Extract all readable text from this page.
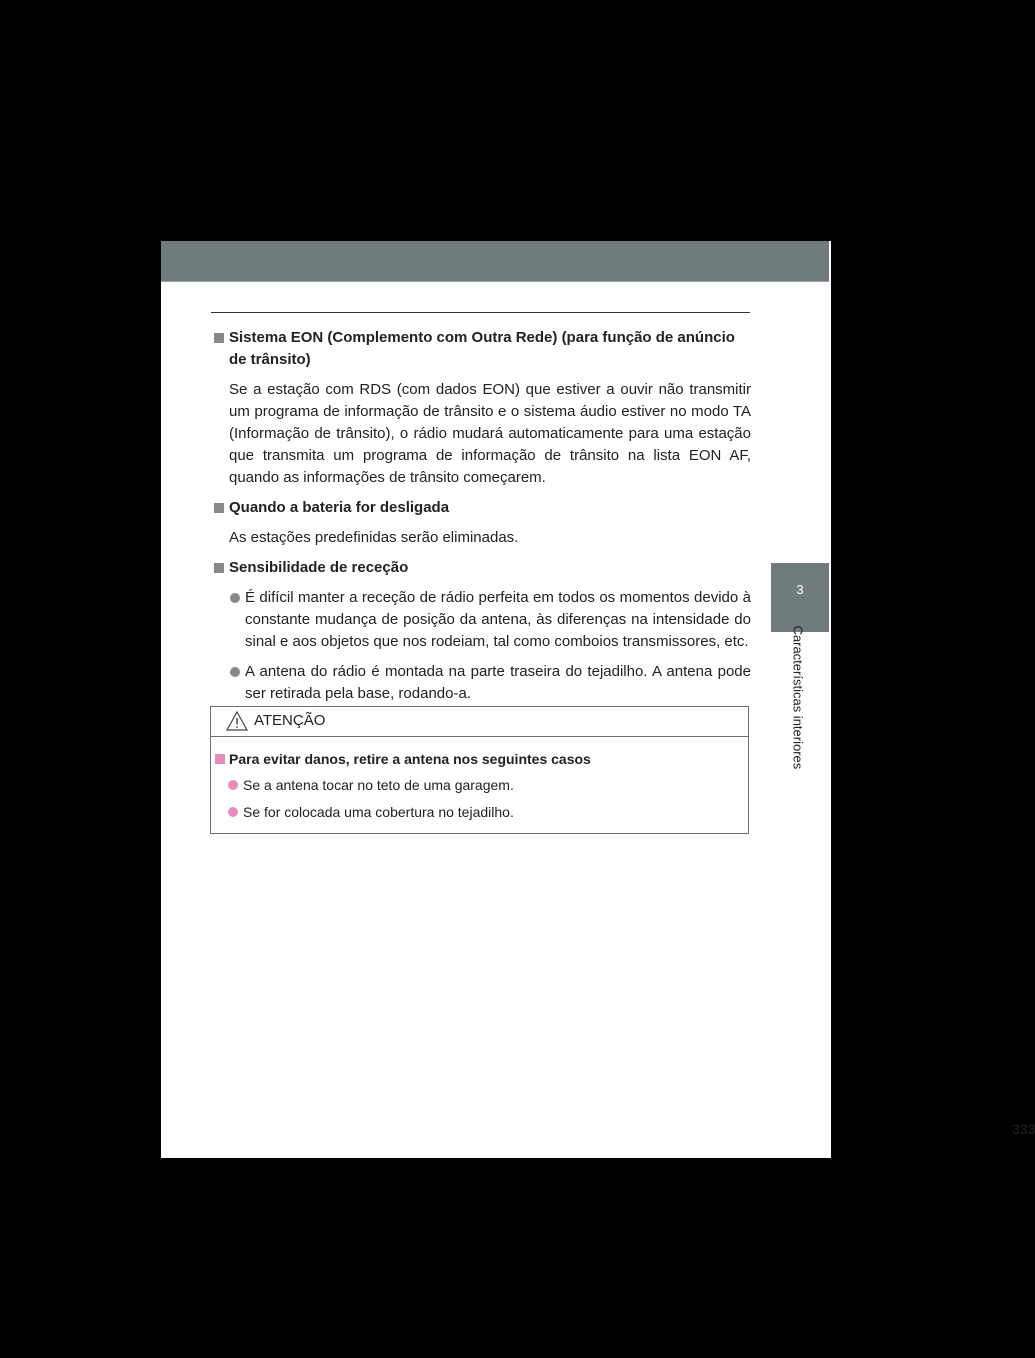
Sistema EON (Complemento com Outra Rede) (para função de anúncio de trânsito)
Se a estação com RDS (com dados EON) que estiver a ouvir não transmitir um programa de informação de trânsito e o sistema áudio estiver no modo TA (Informação de trânsito), o rádio mudará automaticamente para uma estação que transmita um programa de informação de trânsito na lista EON AF, quando as informações de trânsito começarem.
Quando a bateria for desligada
As estações predefinidas serão eliminadas.
Sensibilidade de receção
É difícil manter a receção de rádio perfeita em todos os momentos devido à constante mudança de posição da antena, às diferenças na intensidade do sinal e aos objetos que nos rodeiam, tal como comboios transmissores, etc.
A antena do rádio é montada na parte traseira do tejadilho. A antena pode ser retirada pela base, rodando-a.
ATENÇÃO
Para evitar danos, retire a antena nos seguintes casos
Se a antena tocar no teto de uma garagem.
Se for colocada uma cobertura no tejadilho.
3
Características interiores
333
